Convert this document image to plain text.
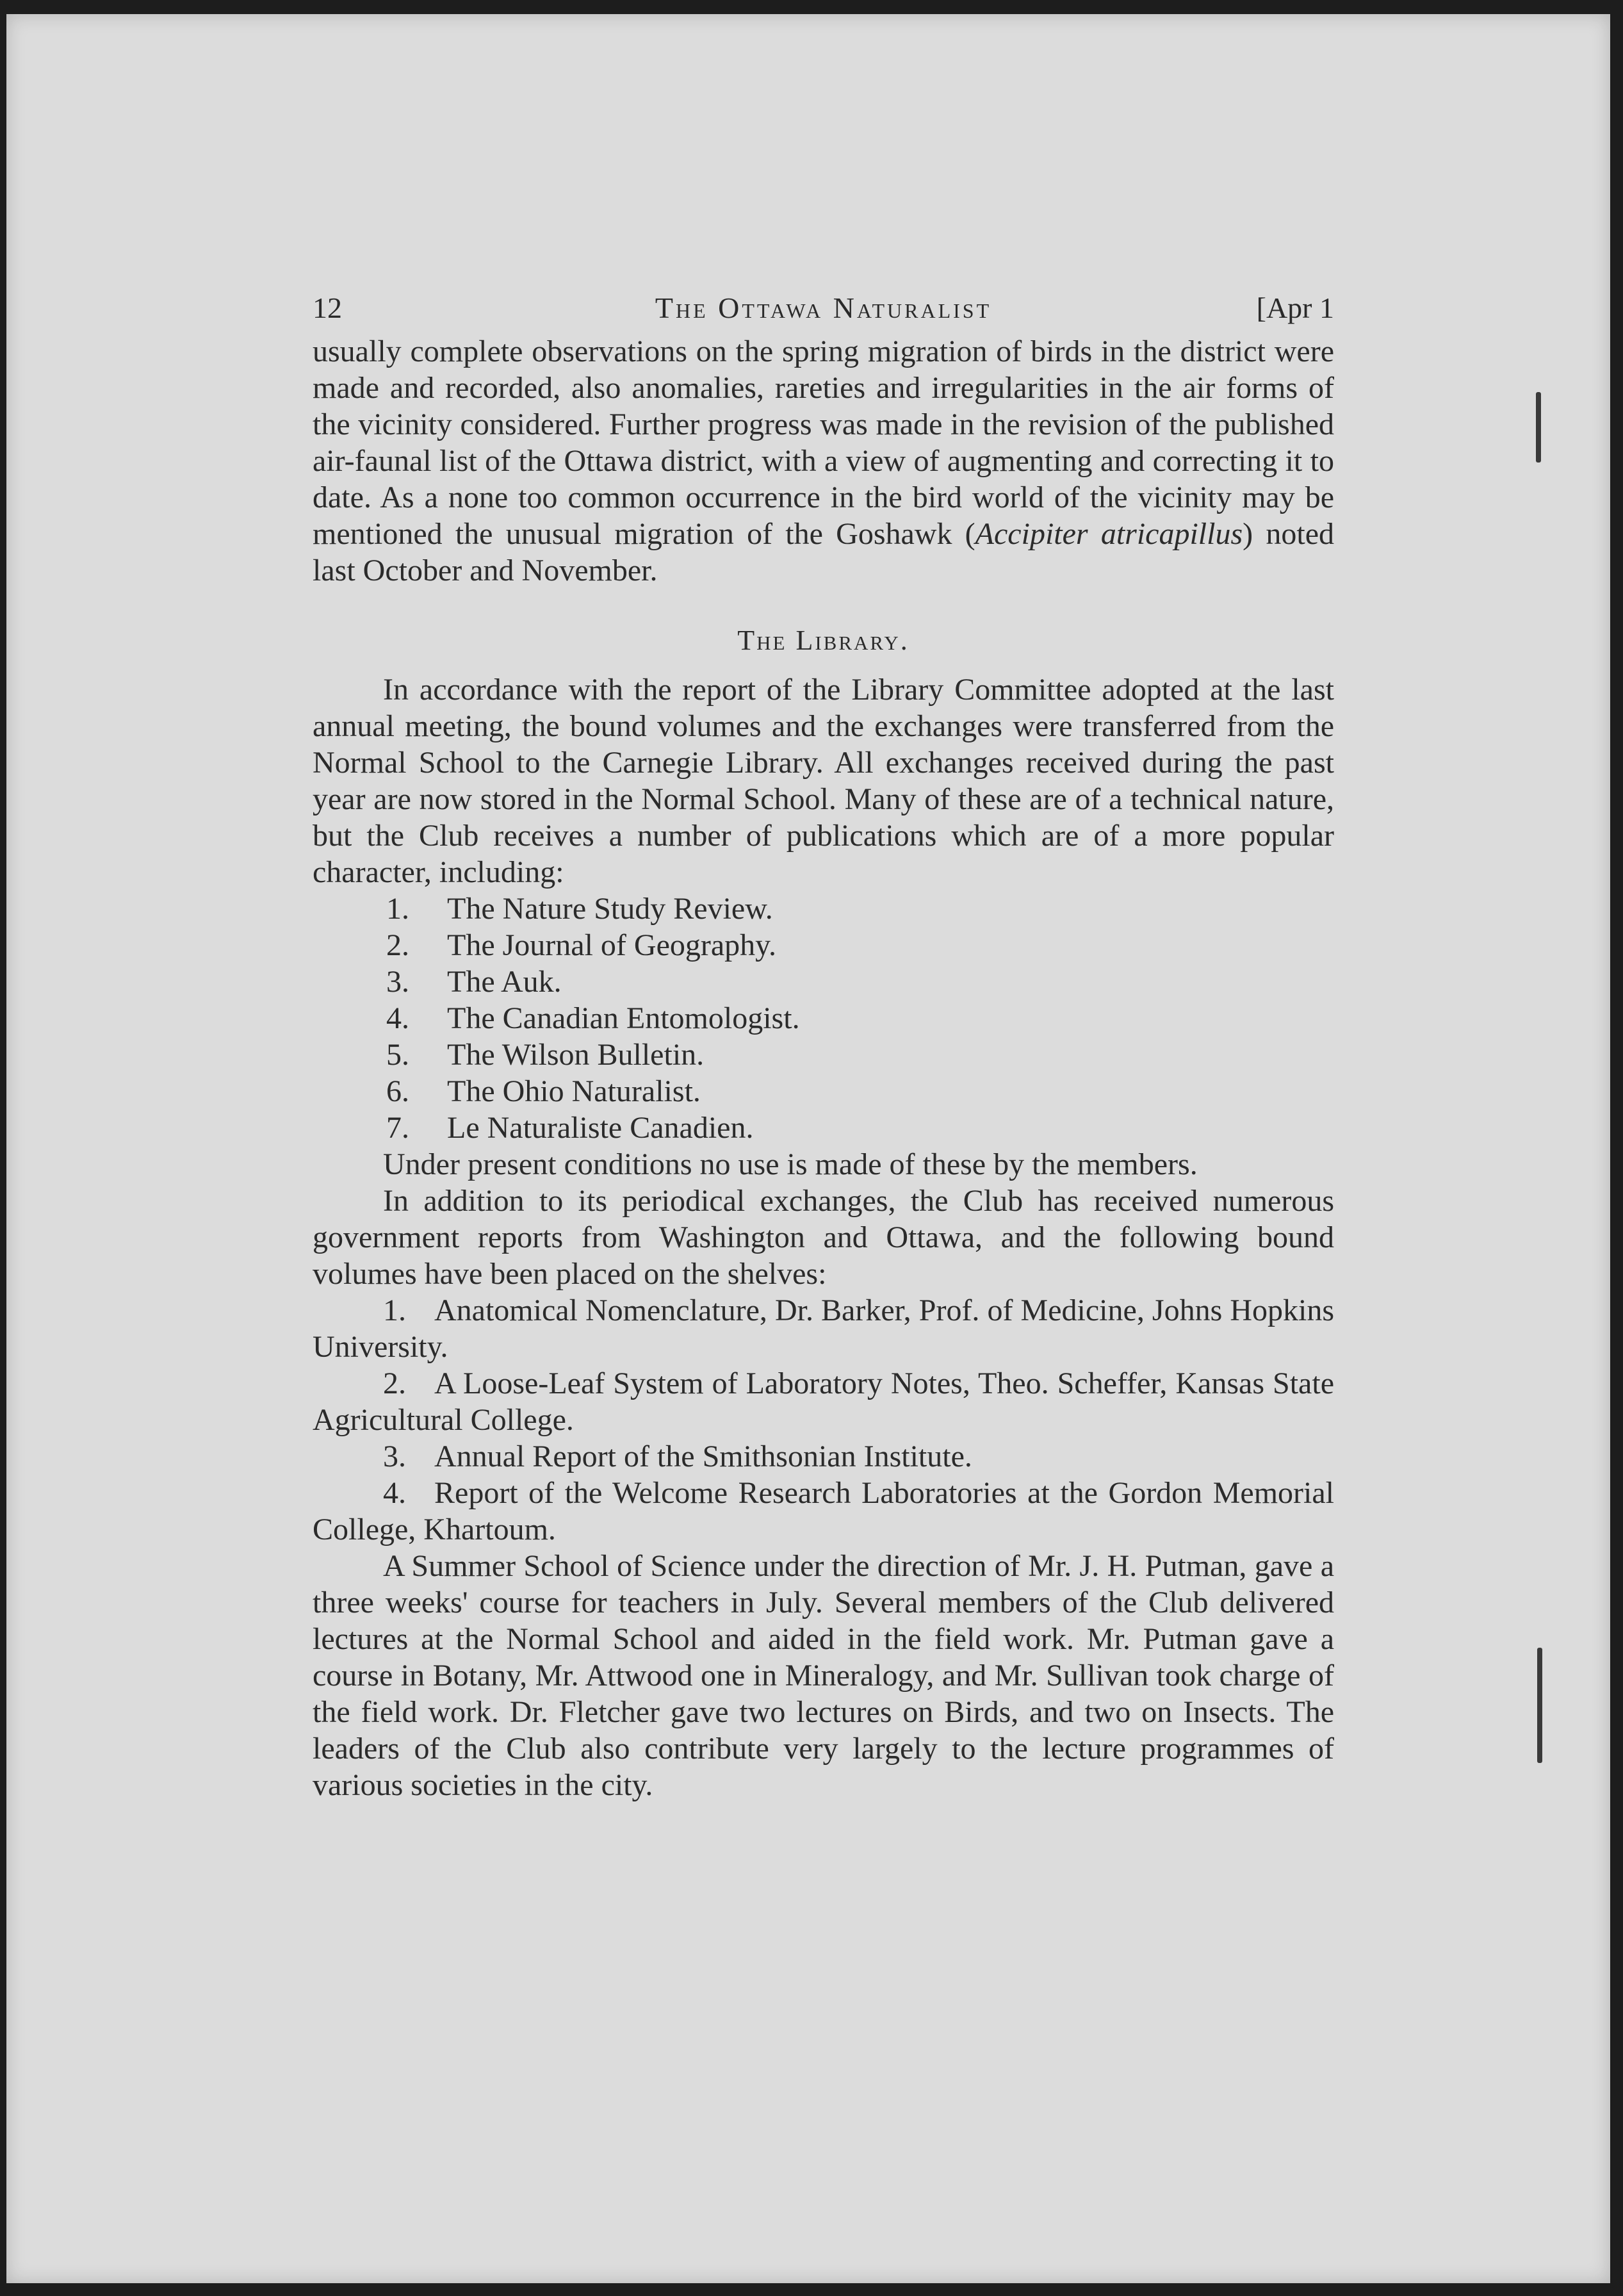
12	The Ottawa Naturalist	[Apr 1

usually complete observations on the spring migration of birds in the district were made and recorded, also anomalies, rareties and irregularities in the air forms of the vicinity considered. Further progress was made in the revision of the published air-faunal list of the Ottawa district, with a view of augmenting and correcting it to date. As a none too common occurrence in the bird world of the vicinity may be mentioned the unusual migration of the Goshawk (Accipiter atricapillus) noted last October and November.

The Library.

In accordance with the report of the Library Committee adopted at the last annual meeting, the bound volumes and the exchanges were transferred from the Normal School to the Carnegie Library. All exchanges received during the past year are now stored in the Normal School. Many of these are of a technical nature, but the Club receives a number of publications which are of a more popular character, including:

1.	The Nature Study Review.
2.	The Journal of Geography.
3.	The Auk.
4.	The Canadian Entomologist.
5.	The Wilson Bulletin.
6.	The Ohio Naturalist.
7.	Le Naturaliste Canadien.

Under present conditions no use is made of these by the members.

In addition to its periodical exchanges, the Club has received numerous government reports from Washington and Ottawa, and the following bound volumes have been placed on the shelves:

1. Anatomical Nomenclature, Dr. Barker, Prof. of Medicine, Johns Hopkins University.

2. A Loose-Leaf System of Laboratory Notes, Theo. Scheffer, Kansas State Agricultural College.

3. Annual Report of the Smithsonian Institute.

4. Report of the Welcome Research Laboratories at the Gordon Memorial College, Khartoum.

A Summer School of Science under the direction of Mr. J. H. Putman, gave a three weeks' course for teachers in July. Several members of the Club delivered lectures at the Normal School and aided in the field work. Mr. Putman gave a course in Botany, Mr. Attwood one in Mineralogy, and Mr. Sullivan took charge of the field work. Dr. Fletcher gave two lectures on Birds, and two on Insects. The leaders of the Club also contribute very largely to the lecture programmes of various societies in the city.
